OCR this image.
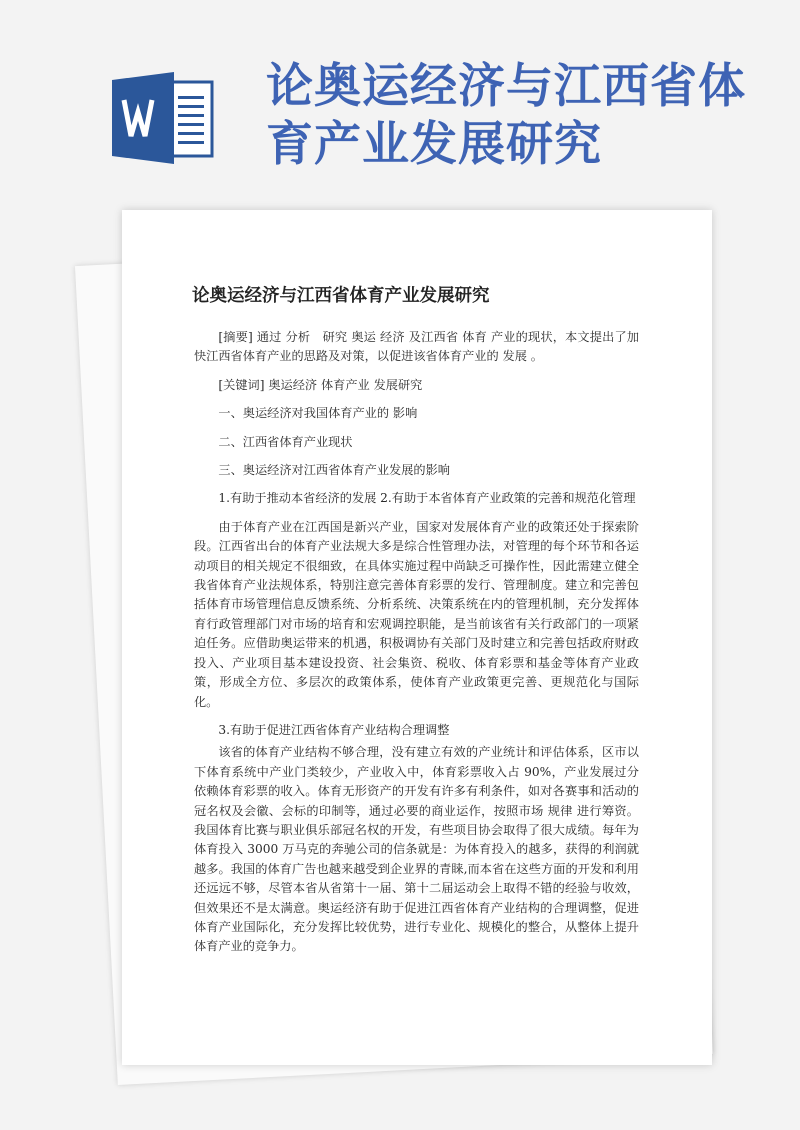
论奥运经济与江西省体育产业发展研究
论奥运经济与江西省体育产业发展研究

[摘要] 通过 分析　研究 奥运 经济 及江西省 体育 产业的现状，本文提出了加快江西省体育产业的思路及对策，以促进该省体育产业的 发展 。

[关键词] 奥运经济 体育产业 发展研究

一、奥运经济对我国体育产业的 影响

二、江西省体育产业现状

三、奥运经济对江西省体育产业发展的影响

1.有助于推动本省经济的发展 2.有助于本省体育产业政策的完善和规范化管理

由于体育产业在江西国是新兴产业，国家对发展体育产业的政策还处于探索阶段。江西省出台的体育产业法规大多是综合性管理办法，对管理的每个环节和各运动项目的相关规定不很细致，在具体实施过程中尚缺乏可操作性，因此需建立健全我省体育产业法规体系，特别注意完善体育彩票的发行、管理制度。建立和完善包括体育市场管理信息反馈系统、分析系统、决策系统在内的管理机制，充分发挥体育行政管理部门对市场的培育和宏观调控职能，是当前该省有关行政部门的一项紧迫任务。应借助奥运带来的机遇，积极调协有关部门及时建立和完善包括政府财政投入、产业项目基本建设投资、社会集资、税收、体育彩票和基金等体育产业政策，形成全方位、多层次的政策体系，使体育产业政策更完善、更规范化与国际化。

3.有助于促进江西省体育产业结构合理调整

该省的体育产业结构不够合理，没有建立有效的产业统计和评估体系，区市以下体育系统中产业门类较少，产业收入中，体育彩票收入占 90%，产业发展过分依赖体育彩票的收入。体育无形资产的开发有许多有利条件，如对各赛事和活动的冠名权及会徽、会标的印制等，通过必要的商业运作，按照市场 规律 进行筹资。我国体育比赛与职业俱乐部冠名权的开发，有些项目协会取得了很大成绩。每年为体育投入 3000 万马克的奔驰公司的信条就是：为体育投入的越多，获得的利润就越多。我国的体育广告也越来越受到企业界的青睐,而本省在这些方面的开发和利用还远远不够，尽管本省从省第十一届、第十二届运动会上取得不错的经验与收效，但效果还不是太满意。奥运经济有助于促进江西省体育产业结构的合理调整，促进体育产业国际化，充分发挥比较优势，进行专业化、规模化的整合，从整体上提升体育产业的竞争力。
